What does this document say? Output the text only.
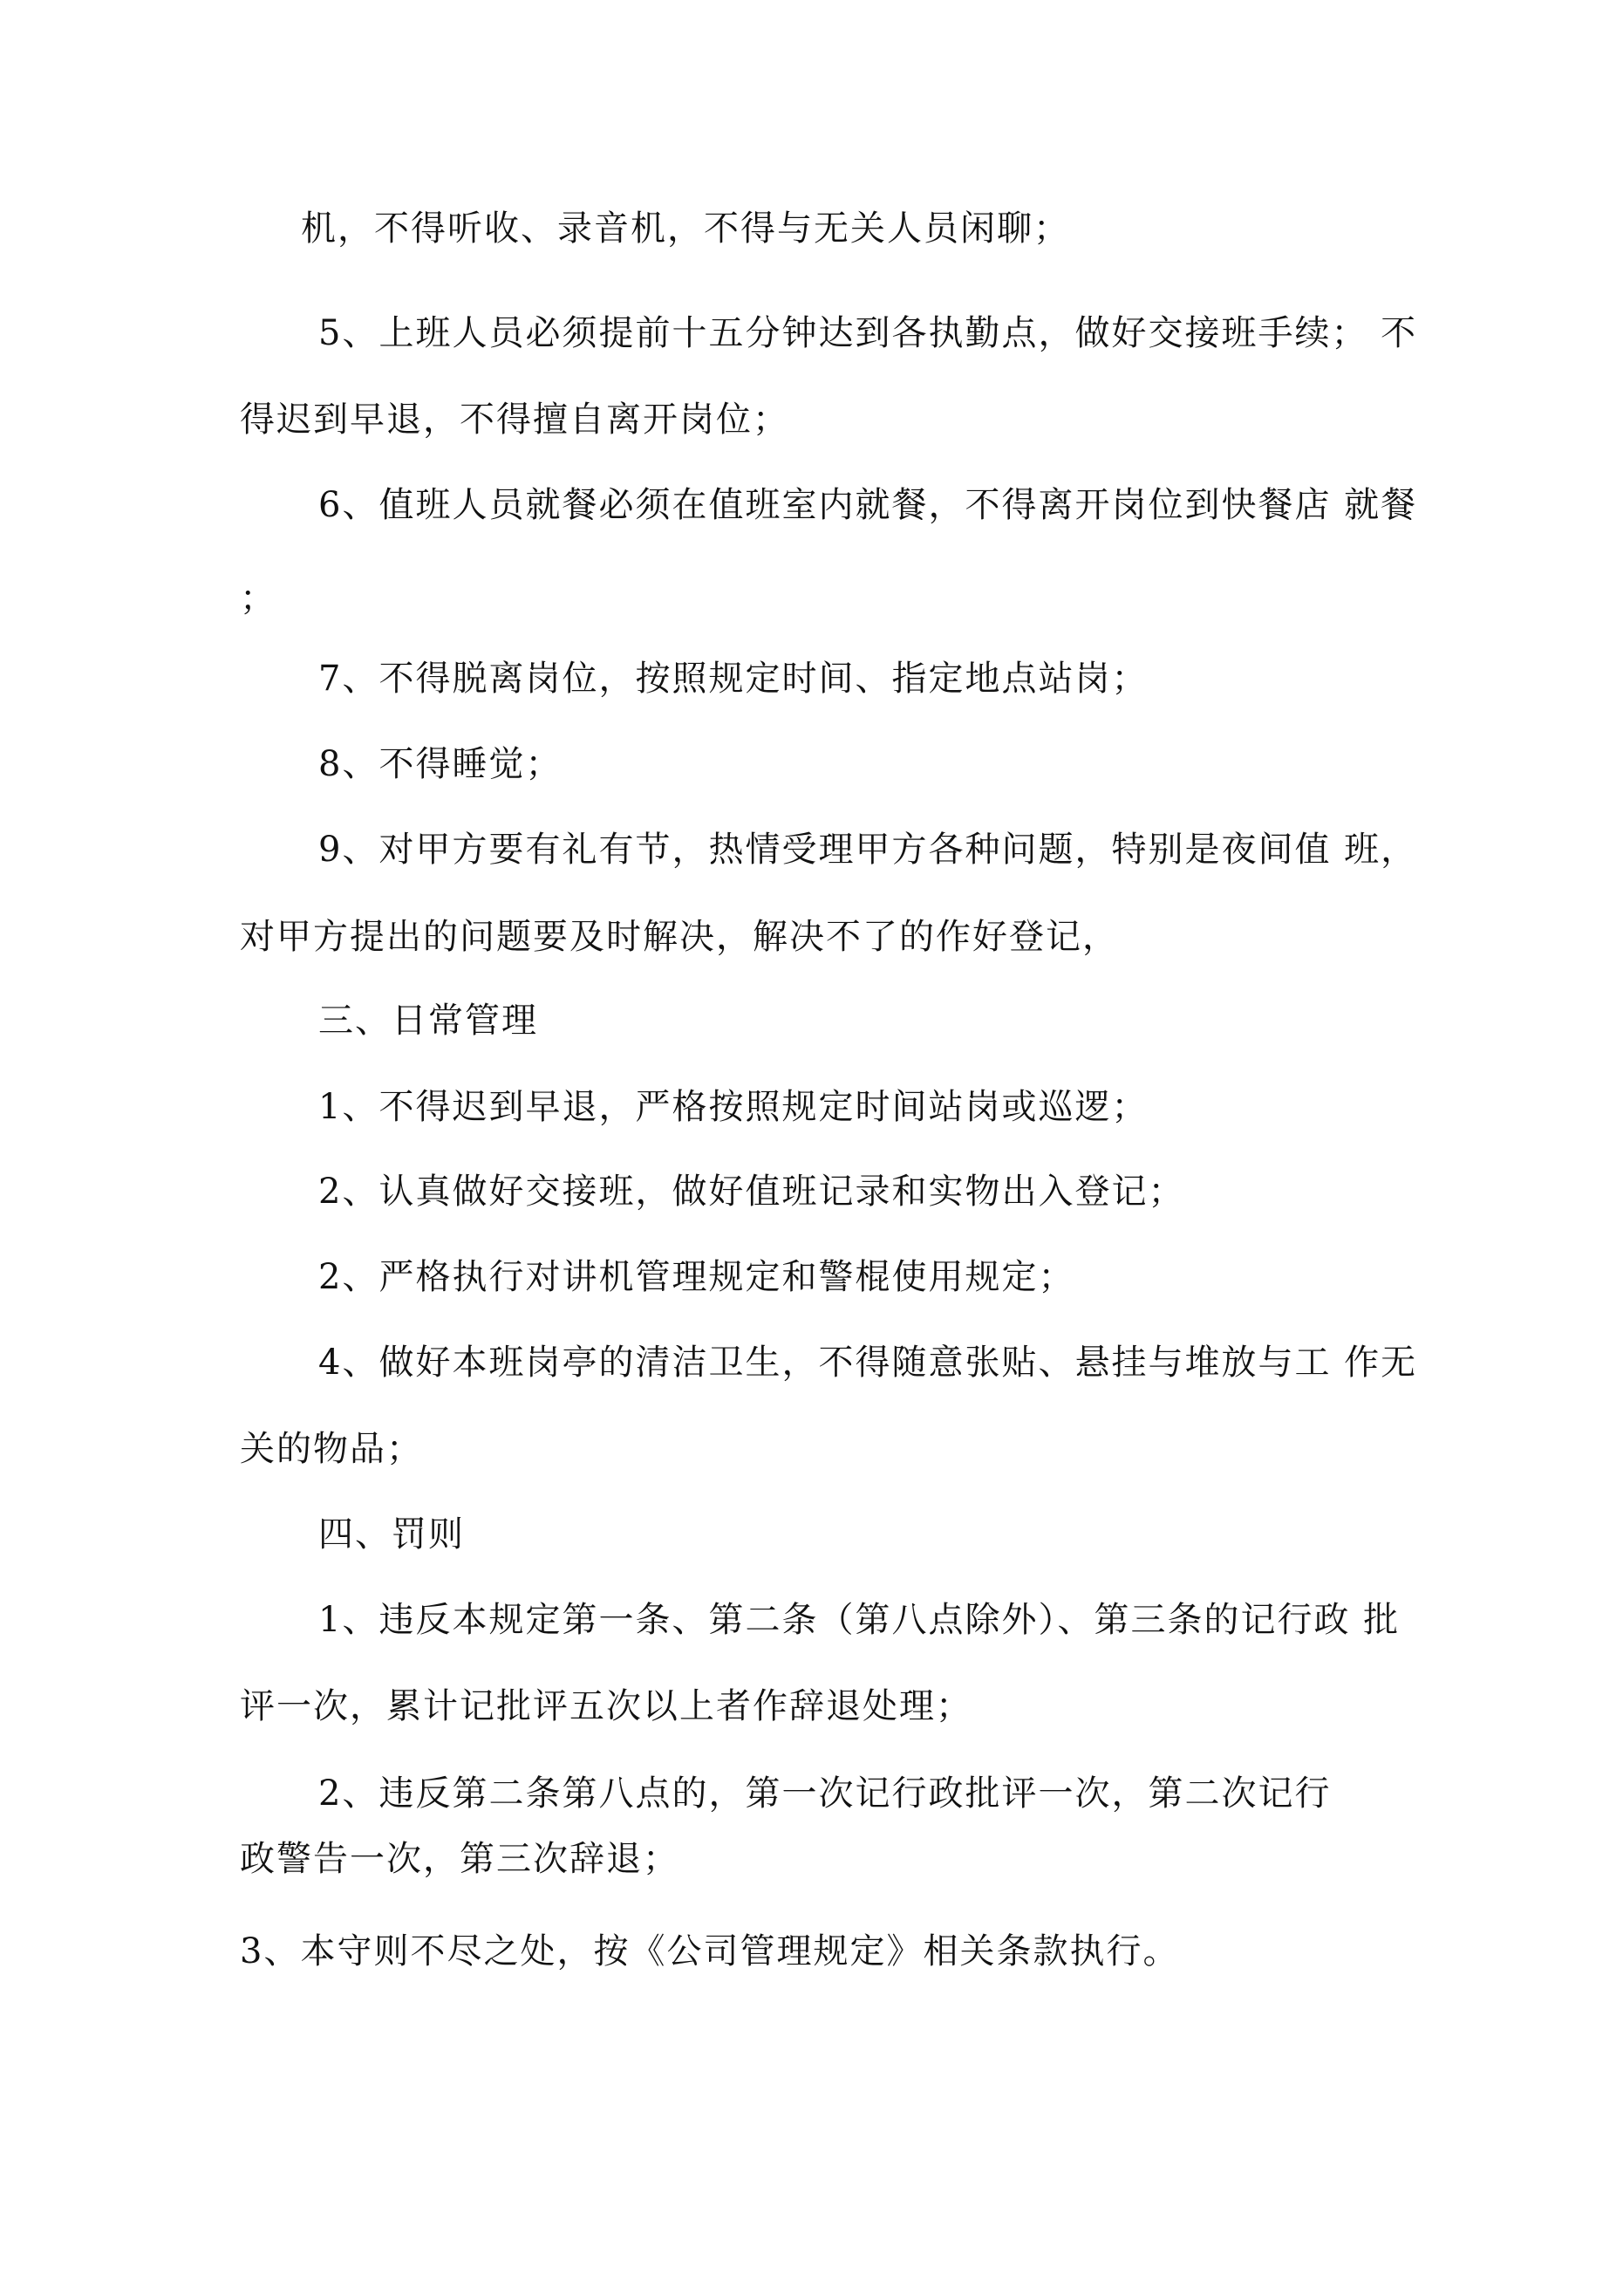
机，不得听收、录音机，不得与无关人员闲聊；
5、上班人员必须提前十五分钟达到各执勤点，做好交接班手续； 不
得迟到早退，不得擅自离开岗位；
6、值班人员就餐必须在值班室内就餐，不得离开岗位到快餐店 就餐
；
7、不得脱离岗位，按照规定时间、指定地点站岗；
8、不得睡觉；
9、对甲方要有礼有节，热情受理甲方各种问题，特别是夜间值 班，
对甲方提出的问题要及时解决，解决不了的作好登记，
三、日常管理
1、不得迟到早退，严格按照规定时间站岗或巡逻；
2、认真做好交接班，做好值班记录和实物出入登记；
2、严格执行对讲机管理规定和警棍使用规定；
4、做好本班岗亭的清洁卫生，不得随意张贴、悬挂与堆放与工 作无
关的物品；
四、罚则
1、违反本规定第一条、第二条（第八点除外）、第三条的记行政 批
评一次，累计记批评五次以上者作辞退处理；
2、违反第二条第八点的，第一次记行政批评一次，第二次记行
政警告一次，第三次辞退；
3、本守则不尽之处，按《公司管理规定》相关条款执行。
